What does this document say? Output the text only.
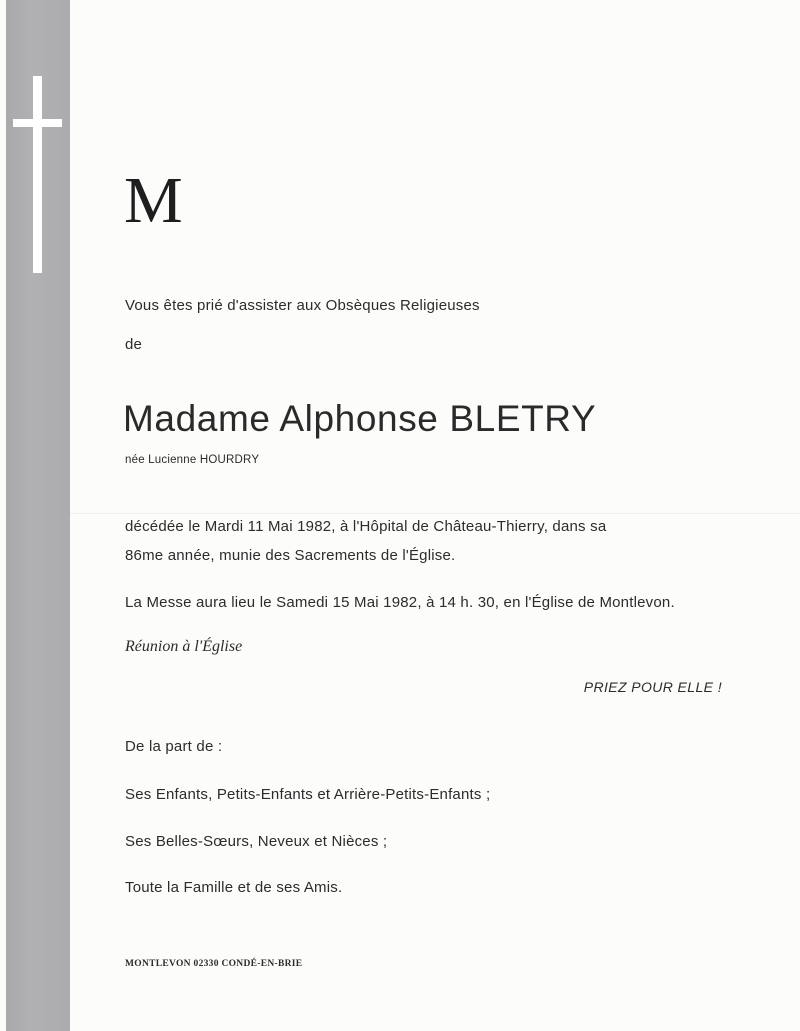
M
Vous êtes prié d'assister aux Obsèques Religieuses
de
Madame Alphonse BLETRY
née Lucienne HOURDRY
décédée le Mardi 11 Mai 1982, à l'Hôpital de Château-Thierry, dans sa
86me année, munie des Sacrements de l'Église.
La Messe aura lieu le Samedi 15 Mai 1982, à 14 h. 30, en l'Église de Montlevon.
Réunion à l'Église
PRIEZ POUR ELLE !
De la part de :
Ses Enfants, Petits-Enfants et Arrière-Petits-Enfants ;
Ses Belles-Sœurs, Neveux et Nièces ;
Toute la Famille et de ses Amis.
MONTLEVON 02330 CONDÉ-EN-BRIE
